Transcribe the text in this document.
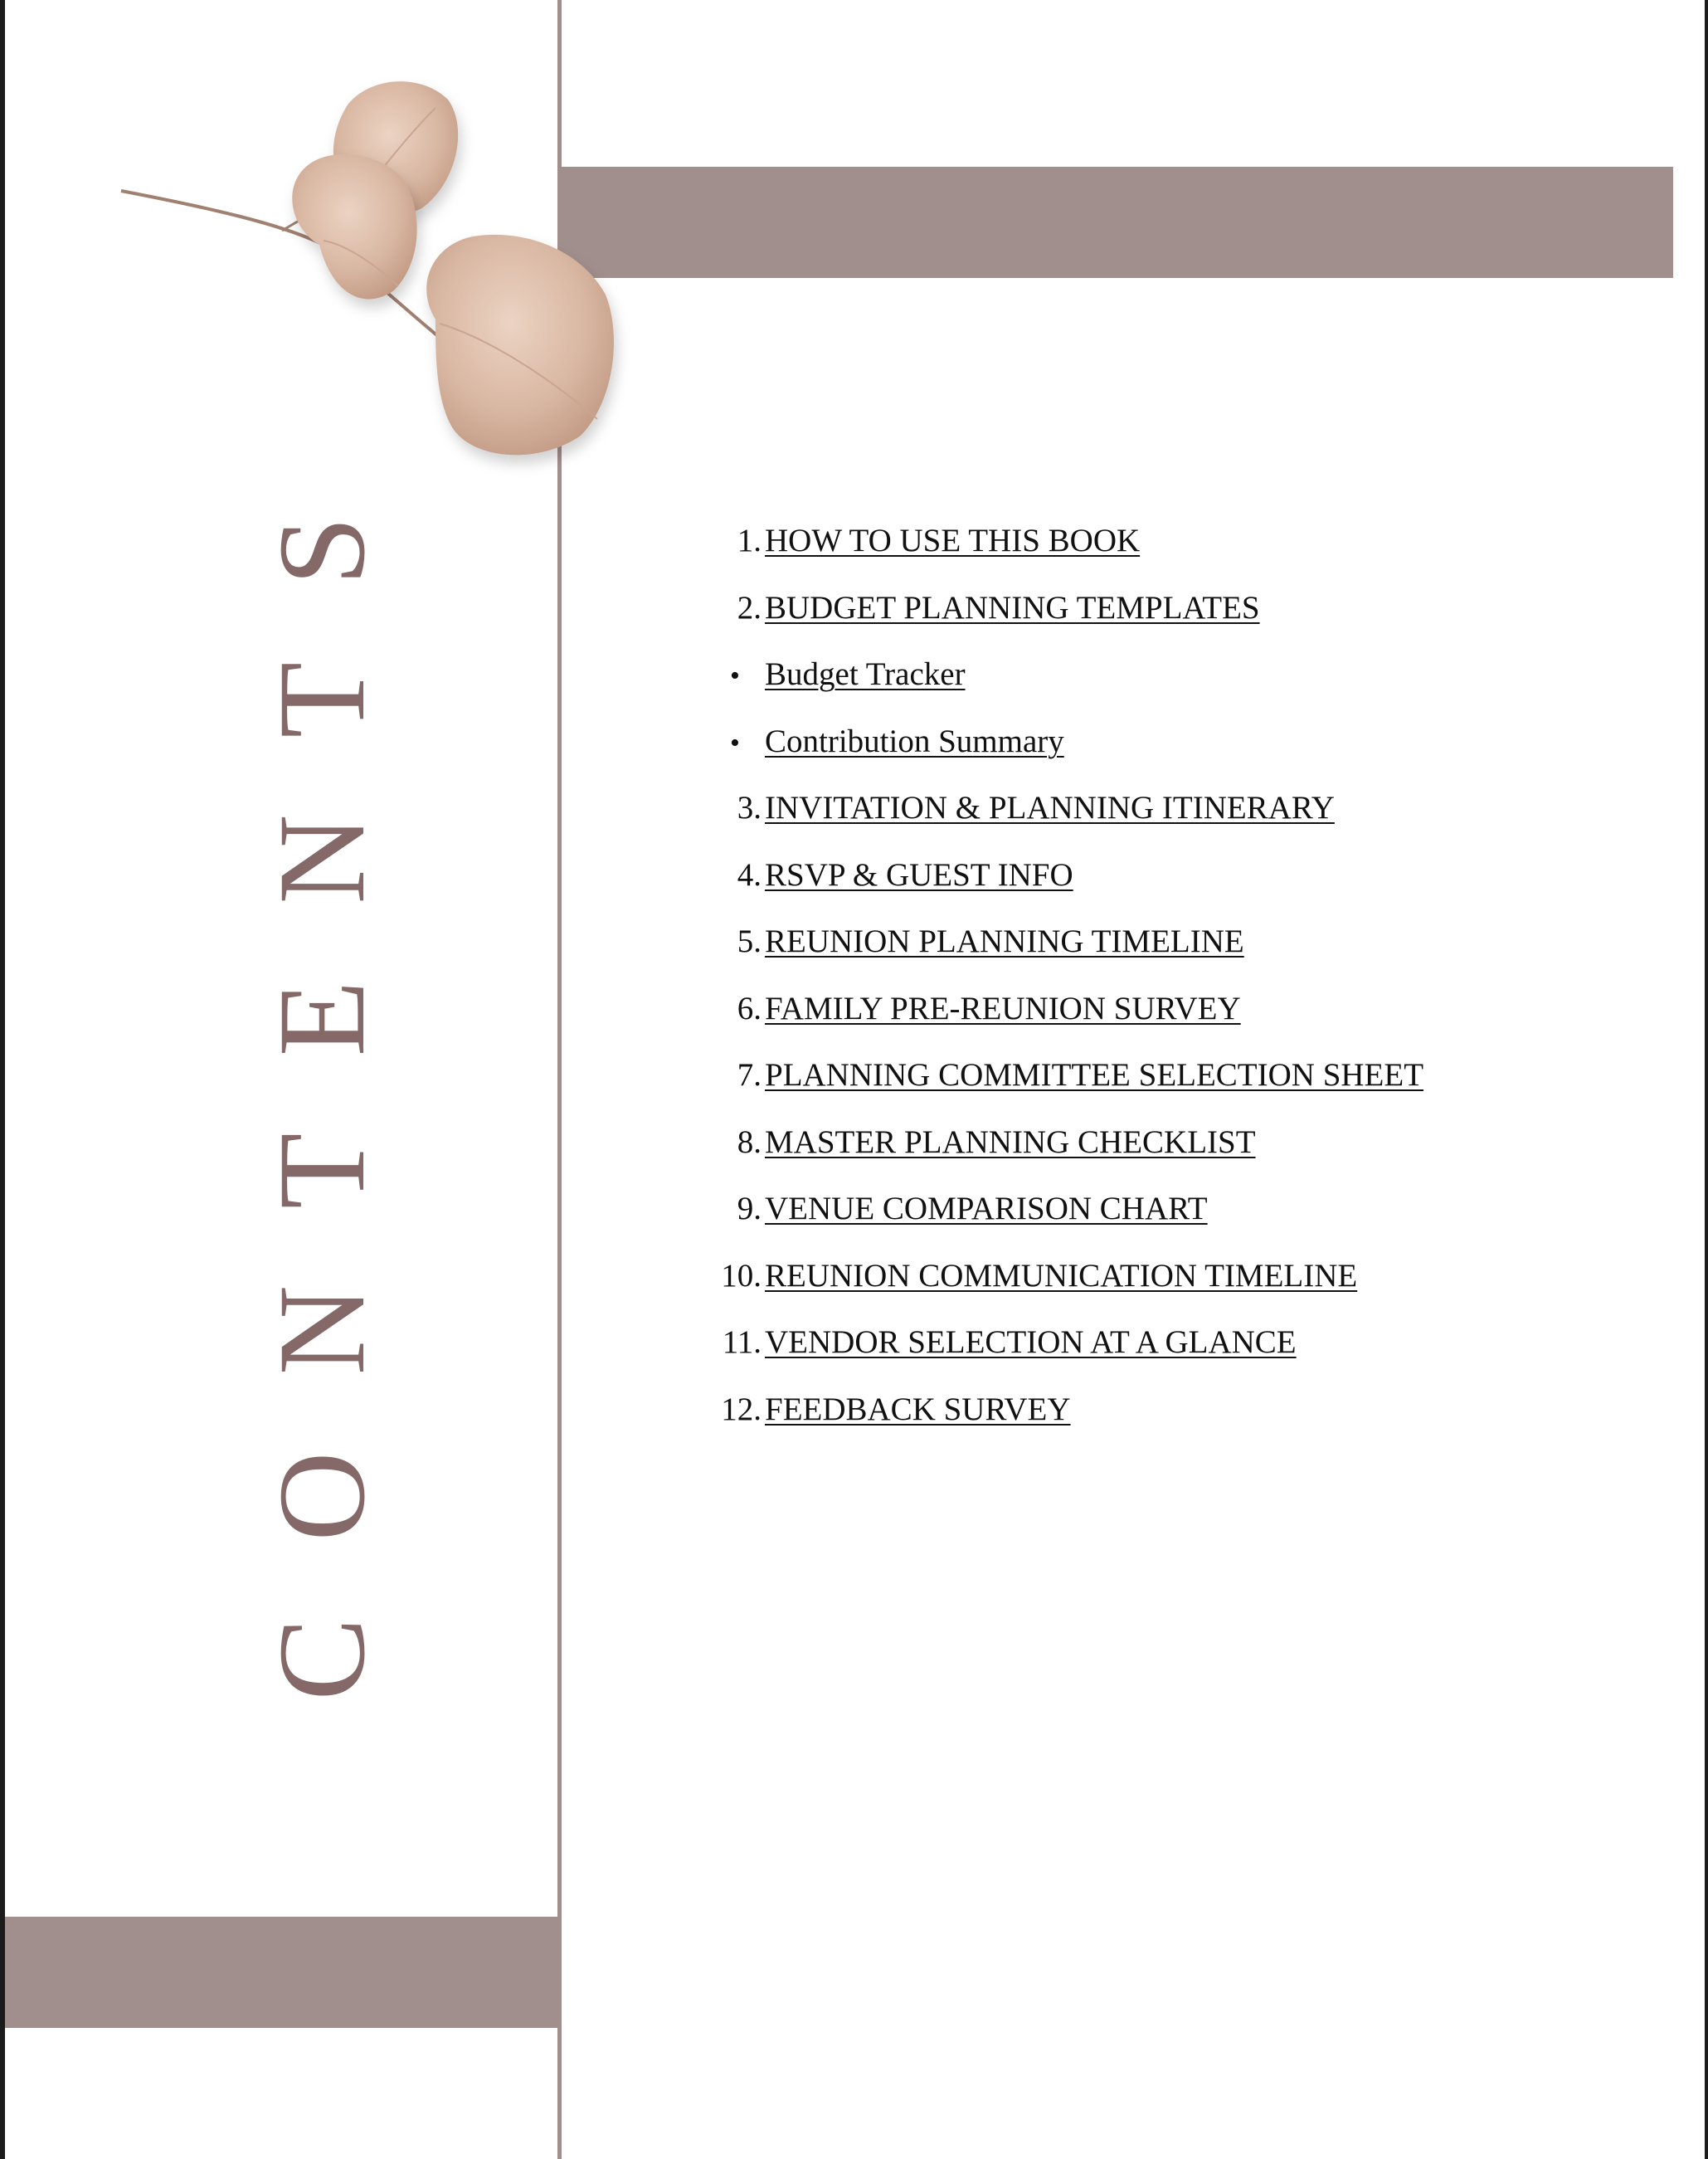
CONTENTS	1. HOW TO USE THIS BOOK
2. BUDGET PLANNING TEMPLATES
• Budget Tracker
• Contribution Summary
3. INVITATION & PLANNING ITINERARY
4. RSVP & GUEST INFO
5. REUNION PLANNING TIMELINE
6. FAMILY PRE-REUNION SURVEY
7. PLANNING COMMITTEE SELECTION SHEET
8. MASTER PLANNING CHECKLIST
9. VENUE COMPARISON CHART
10. REUNION COMMUNICATION TIMELINE
11. VENDOR SELECTION AT A GLANCE
12. FEEDBACK SURVEY
